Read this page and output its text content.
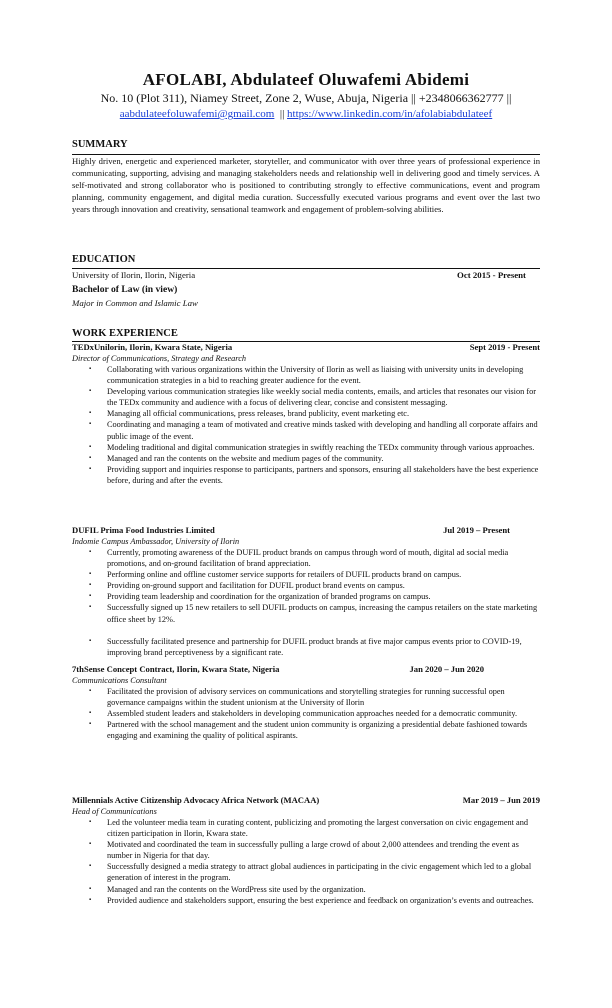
AFOLABI, Abdulateef Oluwafemi Abidemi
No. 10 (Plot 311), Niamey Street, Zone 2, Wuse, Abuja, Nigeria || +2348066362777 ||
aabdulateefoluwafemi@gmail.com || https://www.linkedin.com/in/afolabiabdulateef
SUMMARY
Highly driven, energetic and experienced marketer, storyteller, and communicator with over three years of professional experience in communicating, supporting, advising and managing stakeholders needs and relationship well in delivering good and timely services. A self-motivated and strong collaborator who is positioned to contributing strongly to effective communications, event and program planning, community engagement, and digital media curation. Successfully executed various programs and event over the last two years through innovation and creativity, sensational teamwork and engagement of problem-solving abilities.
EDUCATION
University of Ilorin, Ilorin, Nigeria	Oct 2015 - Present
Bachelor of Law (in view)
Major in Common and Islamic Law
WORK EXPERIENCE
TEDxUnilorin, Ilorin, Kwara State, Nigeria	Sept 2019 - Present
Director of Communications, Strategy and Research
▪ Collaborating with various organizations within the University of Ilorin as well as liaising with university units in developing communication strategies in a bid to reaching greater audience for the event.
▪ Developing various communication strategies like weekly social media contents, emails, and articles that resonates our vision for the TEDx community and audience with a focus of delivering clear, concise and consistent messaging.
▪ Managing all official communications, press releases, brand publicity, event marketing etc.
▪ Coordinating and managing a team of motivated and creative minds tasked with developing and handling all corporate affairs and public image of the event.
▪ Modeling traditional and digital communication strategies in swiftly reaching the TEDx community through various approaches.
▪ Managed and ran the contents on the website and medium pages of the community.
▪ Providing support and inquiries response to participants, partners and sponsors, ensuring all stakeholders have the best experience before, during and after the events.
DUFIL Prima Food Industries Limited	Jul 2019 – Present
Indomie Campus Ambassador, University of Ilorin
▪ Currently, promoting awareness of the DUFIL product brands on campus through word of mouth, digital ad social media promotions, and on-ground facilitation of brand appreciation.
▪ Performing online and offline customer service supports for retailers of DUFIL products brand on campus.
▪ Providing on-ground support and facilitation for DUFIL product brand events on campus.
▪ Providing team leadership and coordination for the organization of branded programs on campus.
▪ Successfully signed up 15 new retailers to sell DUFIL products on campus, increasing the campus retailers on the state marketing office sheet by 12%.
▪ Successfully facilitated presence and partnership for DUFIL product brands at five major campus events prior to COVID-19, improving brand perceptiveness by a significant rate.
7thSense Concept Contract, Ilorin, Kwara State, Nigeria	Jan 2020 – Jun 2020
Communications Consultant
▪ Facilitated the provision of advisory services on communications and storytelling strategies for running successful open governance campaigns within the student unionism at the University of Ilorin
▪ Assembled student leaders and stakeholders in developing communication approaches needed for a democratic community.
▪ Partnered with the school management and the student union community is organizing a presidential debate fashioned towards engaging and examining the quality of political aspirants.
Millennials Active Citizenship Advocacy Africa Network (MACAA)	Mar 2019 – Jun 2019
Head of Communications
▪ Led the volunteer media team in curating content, publicizing and promoting the largest conversation on civic engagement and citizen participation in Ilorin, Kwara state.
▪ Motivated and coordinated the team in successfully pulling a large crowd of about 2,000 attendees and trending the event as number in Nigeria for that day.
▪ Successfully designed a media strategy to attract global audiences in participating in the civic engagement which led to a global generation of interest in the program.
▪ Managed and ran the contents on the WordPress site used by the organization.
▪ Provided audience and stakeholders support, ensuring the best experience and feedback on organization’s events and outreaches.
